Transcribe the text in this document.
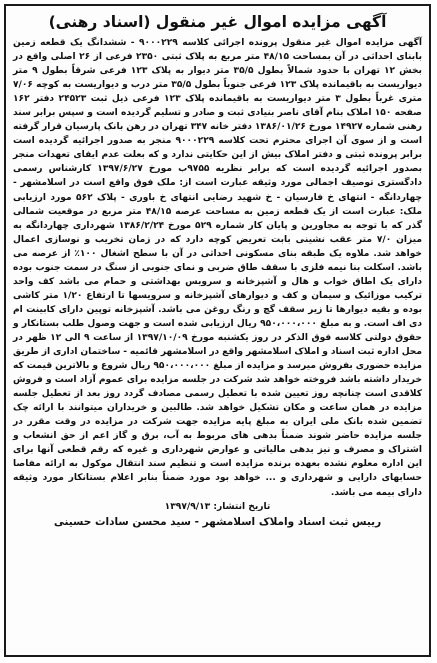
آگهی مزایده اموال غیر منقول (اسناد رهنی)

آگهی مزایده اموال غیر منقول پرونده اجرائی کلاسه ۹۰۰۰۲۲۹ - ششدانگ یک قطعه زمین بابنای احداثی در آن بمساحت ۴۸/۱۵ متر مربع به پلاک ثبتی ۲۳۵۰ فرعی از ۲۶ اصلی واقع در بخش ۱۲ تهران با حدود شمالاً بطول ۳۵/۵ متر دیوار به پلاک ۱۲۳ فرعی شرقاً بطول ۹ متر دیواریست به باقیمانده پلاک ۱۲۳ فرعی جنوباً بطول ۳۵/۵ متر درب و دیواریست به کوچه ۷/۰۶ متری غرباً بطول ۳ متر دیواریست به باقیمانده پلاک ۱۲۳ فرعی ذیل ثبت ۲۴۵۲۳ دفتر ۱۶۲ صفحه ۱۵۰ املاک بنام آقای ناصر بنیادی ثبت و صادر و تسلیم گردیده است و سپس برابر سند رهنی شماره ۱۴۹۲۷ مورخ ۱۳۸۶/۰۱/۲۶ دفتر خانه ۳۴۷ تهران در رهن بانک پارسیان قرار گرفته است و از سوی آن اجرای محترم تحت کلاسه ۹۰۰۰۲۲۹ منجر به صدور اجرائیه گردیده است برابر پرونده ثبتی و دفتر املاک بیش از این حکایتی ندارد و که بعلت عدم ایفای تعهدات منجر بصدور اجرائیه گردیده است که برابر نظریه ۹۷۵۵ب مورخ ۱۳۹۷/۶/۲۷ کارشناس رسمی دادگستری توصیف اجمالی مورد وثیقه عبارت است از: ملک فوق واقع است در اسلامشهر - چهاردانگه - انتهای خ فارسیان - خ شهید رضایی انتهای خ باوری - پلاک ۵۶۲ مورد ارزیابی ملک: عبارت است از یک قطعه زمین به مساحت عرصه ۴۸/۱۵ متر مربع در موقعیت شمالی گذر که با توجه به مجاورین و پایان کار شماره ۵۲۹ مورخ ۱۳۸۶/۲/۲۴ شهرداری چهاردانگه به میزان ۷/۰ متر عقب نشینی بابت تعریض کوچه دارد که در زمان تخریب و نوسازی اعمال خواهد شد. ملاوه یک طبقه بنای مسکونی احداثی در آن با سطح اشغال ۱۰۰٪ از عرصه می باشد. اسکلت بنا نیمه فلزی با سقف طاق ضربی و نمای جنوبی از سنگ در سمت جنوب بوده دارای یک اطاق خواب و هال و آشپزخانه و سرویس بهداشتی و حمام می باشد کف واحد ترکیب موزائیک و سیمان و کف و دیوارهای آشپزخانه و سرویسها تا ارتفاع ۱/۲۰ متر کاشی بوده و بقیه دیوارها تا زیر سقف گچ و رنگ روغن می باشد. آشپزخانه توپین دارای کابینت ام دی اف است. و به مبلغ ۹۵۰،۰۰۰،۰۰۰ ریال ارزیابی شده است و جهت وصول طلب بستانکار و حقوق دولتی کلاسه فوق الذکر در روز یکشنبه مورخ ۱۳۹۷/۱۰/۰۹ از ساعت ۹ الی ۱۲ ظهر در محل اداره ثبت اسناد و املاک اسلامشهر واقع در اسلامشهر قائمیه - ساختمان اداری از طریق مزایده حضوری بفروش میرسد و مزایده از مبلغ ۹۵۰،۰۰۰،۰۰۰ ریال شروع و بالاترین قیمت که خریدار داشته باشد فروخته خواهد شد شرکت در جلسه مزایده برای عموم آزاد است و فروش کلاقدی است چنانچه روز تعیین شده با تعطیل رسمی مصادف گردد روز بعد از تعطیل جلسه مزایده در همان ساعت و مکان تشکیل خواهد شد. طالبین و خریداران میتوانند با ارائه چک تضمین شده بانک ملی ایران به مبلغ پایه مزایده جهت شرکت در مزایده در وقت مقرر در جلسه مزایده حاضر شوند ضمناً بدهی های مربوط به آب، برق و گاز اعم از حق انشعاب و اشتراک و مصرف و نیز بدهی مالیاتی و عوارض شهرداری و غیره که رقم قطعی آنها برای این اداره معلوم نشده بعهده برنده مزایده است و تنظیم سند انتقال موکول به ارائه مفاصا حسابهای دارایی و شهرداری و ... خواهد بود مورد ضمناً بنابر اعلام بستانکار مورد وثیقه دارای بیمه می باشد.

تاریخ انتشار: ۱۳۹۷/۹/۱۳

رییس ثبت اسناد واملاک اسلامشهر - سید محسن سادات حسینی
